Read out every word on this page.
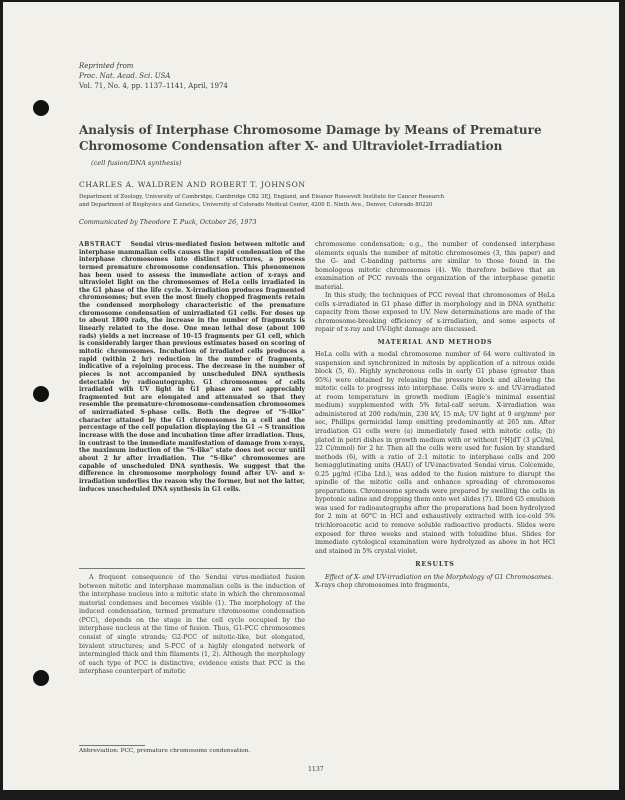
Reprinted from
Proc. Nat. Acad. Sci. USA
Vol. 71, No. 4, pp. 1137–1141, April, 1974
Analysis of Interphase Chromosome Damage by Means of Premature
Chromosome Condensation after X- and Ultraviolet-Irradiation
(cell fusion/DNA synthesis)
CHARLES A. WALDREN AND ROBERT T. JOHNSON
Department of Zoology, University of Cambridge, Cambridge CB2 3EJ, England, and Eleanor Roosevelt Institute for Cancer Research
and Department of Biophysics and Genetics, University of Colorado Medical Center, 4200 E. Ninth Ave., Denver, Colorado 80220
Communicated by Theodore T. Puck, October 26, 1973

ABSTRACT Sendai virus-mediated fusion between mitotic and interphase mammalian cells causes the rapid condensation of the interphase chromosomes into distinct structures, a process termed premature chromosome condensation. This phenomenon has been used to assess the immediate action of x-rays and ultraviolet light on the chromosomes of HeLa cells irradiated in the G1 phase of the life cycle. X-irradiation produces fragmented chromosomes; but even the most finely chopped fragments retain the condensed morphology characteristic of the premature chromosome condensation of unirradiated G1 cells. For doses up to about 1800 rads, the increase in the number of fragments is linearly related to the dose. One mean lethal dose (about 100 rads) yields a net increase of 10–15 fragments per G1 cell, which is considerably larger than previous estimates based on scoring of mitotic chromosomes. Incubation of irradiated cells produces a rapid (within 2 hr) reduction in the number of fragments, indicative of a rejoining process. The decrease in the number of pieces is not accompanied by unscheduled DNA synthesis detectable by radioautography. G1 chromosomes of cells irradiated with UV light in G1 phase are not appreciably fragmented but are elongated and attenuated so that they resemble the premature-chromosome-condensation chromosomes of unirradiated S-phase cells. Both the degree of “S-like” character attained by the G1 chromosomes in a cell and the percentage of the cell population displaying the G1 → S transition increase with the dose and incubation time after irradiation. Thus, in contrast to the immediate manifestation of damage from x-rays, the maximum induction of the “S-like” state does not occur until about 2 hr after irradiation. The “S-like” chromosomes are capable of unscheduled DNA synthesis. We suggest that the difference in chromosome morphology found after UV- and x-irradiation underlies the reason why the former, but not the latter, induces unscheduled DNA synthesis in G1 cells.

A frequent consequence of the Sendai virus-mediated fusion between mitotic and interphase mammalian cells is the induction of the interphase nucleus into a mitotic state in which the chromosomal material condenses and becomes visible (1). The morphology of the induced condensation, termed premature chromosome condensation (PCC), depends on the stage in the cell cycle occupied by the interphase nucleus at the time of fusion. Thus, G1-PCC chromosomes consist of single strands; G2-PCC of mitotic-like, but elongated, bivalent structures; and S-PCC of a highly elongated network of intermingled thick and thin filaments (1, 2). Although the morphology of each type of PCC is distinctive, evidence exists that PCC is the interphase counterpart of mitotic

Abbreviation: PCC, premature chromosome condensation.

chromosome condensation; e.g., the number of condensed interphase elements equals the number of mitotic chromosomes (3, this paper) and the G- and C-banding patterns are similar to those found in the homologous mitotic chromosomes (4). We therefore believe that an examination of PCC reveals the organization of the interphase genetic material.

In this study, the techniques of PCC reveal that chromosomes of HeLa cells x-irradiated in G1 phase differ in morphology and in DNA synthetic capacity from those exposed to UV. New determinations are made of the chromosome-breaking efficiency of x-irradiation, and some aspects of repair of x-ray and UV-light damage are discussed.

MATERIAL AND METHODS

HeLa cells with a modal chromosome number of 64 were cultivated in suspension and synchronized in mitosis by application of a nitrous oxide block (5, 6). Highly synchronous cells in early G1 phase (greater than 95%) were obtained by releasing the pressure block and allowing the mitotic cells to progress into interphase. Cells were x- and UV-irradiated at room temperature in growth medium (Eagle’s minimal essential medium) supplemented with 5% fetal-calf serum. X-irradiation was administered at 200 rads/min, 230 kV, 15 mA; UV light at 9 erg/mm² per sec, Phillips germicidal lamp emitting predominantly at 265 nm. After irradiation G1 cells were (a) immediately fused with mitotic cells; (b) plated in petri dishes in growth medium with or without [³H]dT (3 µCi/ml, 22 Ci/mmol) for 2 hr. Then all the cells were used for fusion by standard methods (6), with a ratio of 2:1 mitotic to interphase cells and 200 hemagglutinating units (HAU) of UV-inactivated Sendai virus. Colcemide, 0.25 µg/ml (Ciba Ltd.), was added to the fusion mixture to disrupt the spindle of the mitotic cells and enhance spreading of chromosome preparations. Chromosome spreads were prepared by swelling the cells in hypotonic saline and dropping them onto wet slides (7). Ilford G5 emulsion was used for radioautographs after the preparations had been hydrolyzed for 2 min at 60°C in HCl and exhaustively extracted with ice-cold 5% trichloroacetic acid to remove soluble radioactive products. Slides were exposed for three weeks and stained with toluidine blue. Slides for immediate cytological examination were hydrolyzed as above in hot HCl and stained in 5% crystal violet.

RESULTS

Effect of X- and UV-irradiation on the Morphology of G1 Chromosomes.  X-rays chop chromosomes into fragments,

1137
